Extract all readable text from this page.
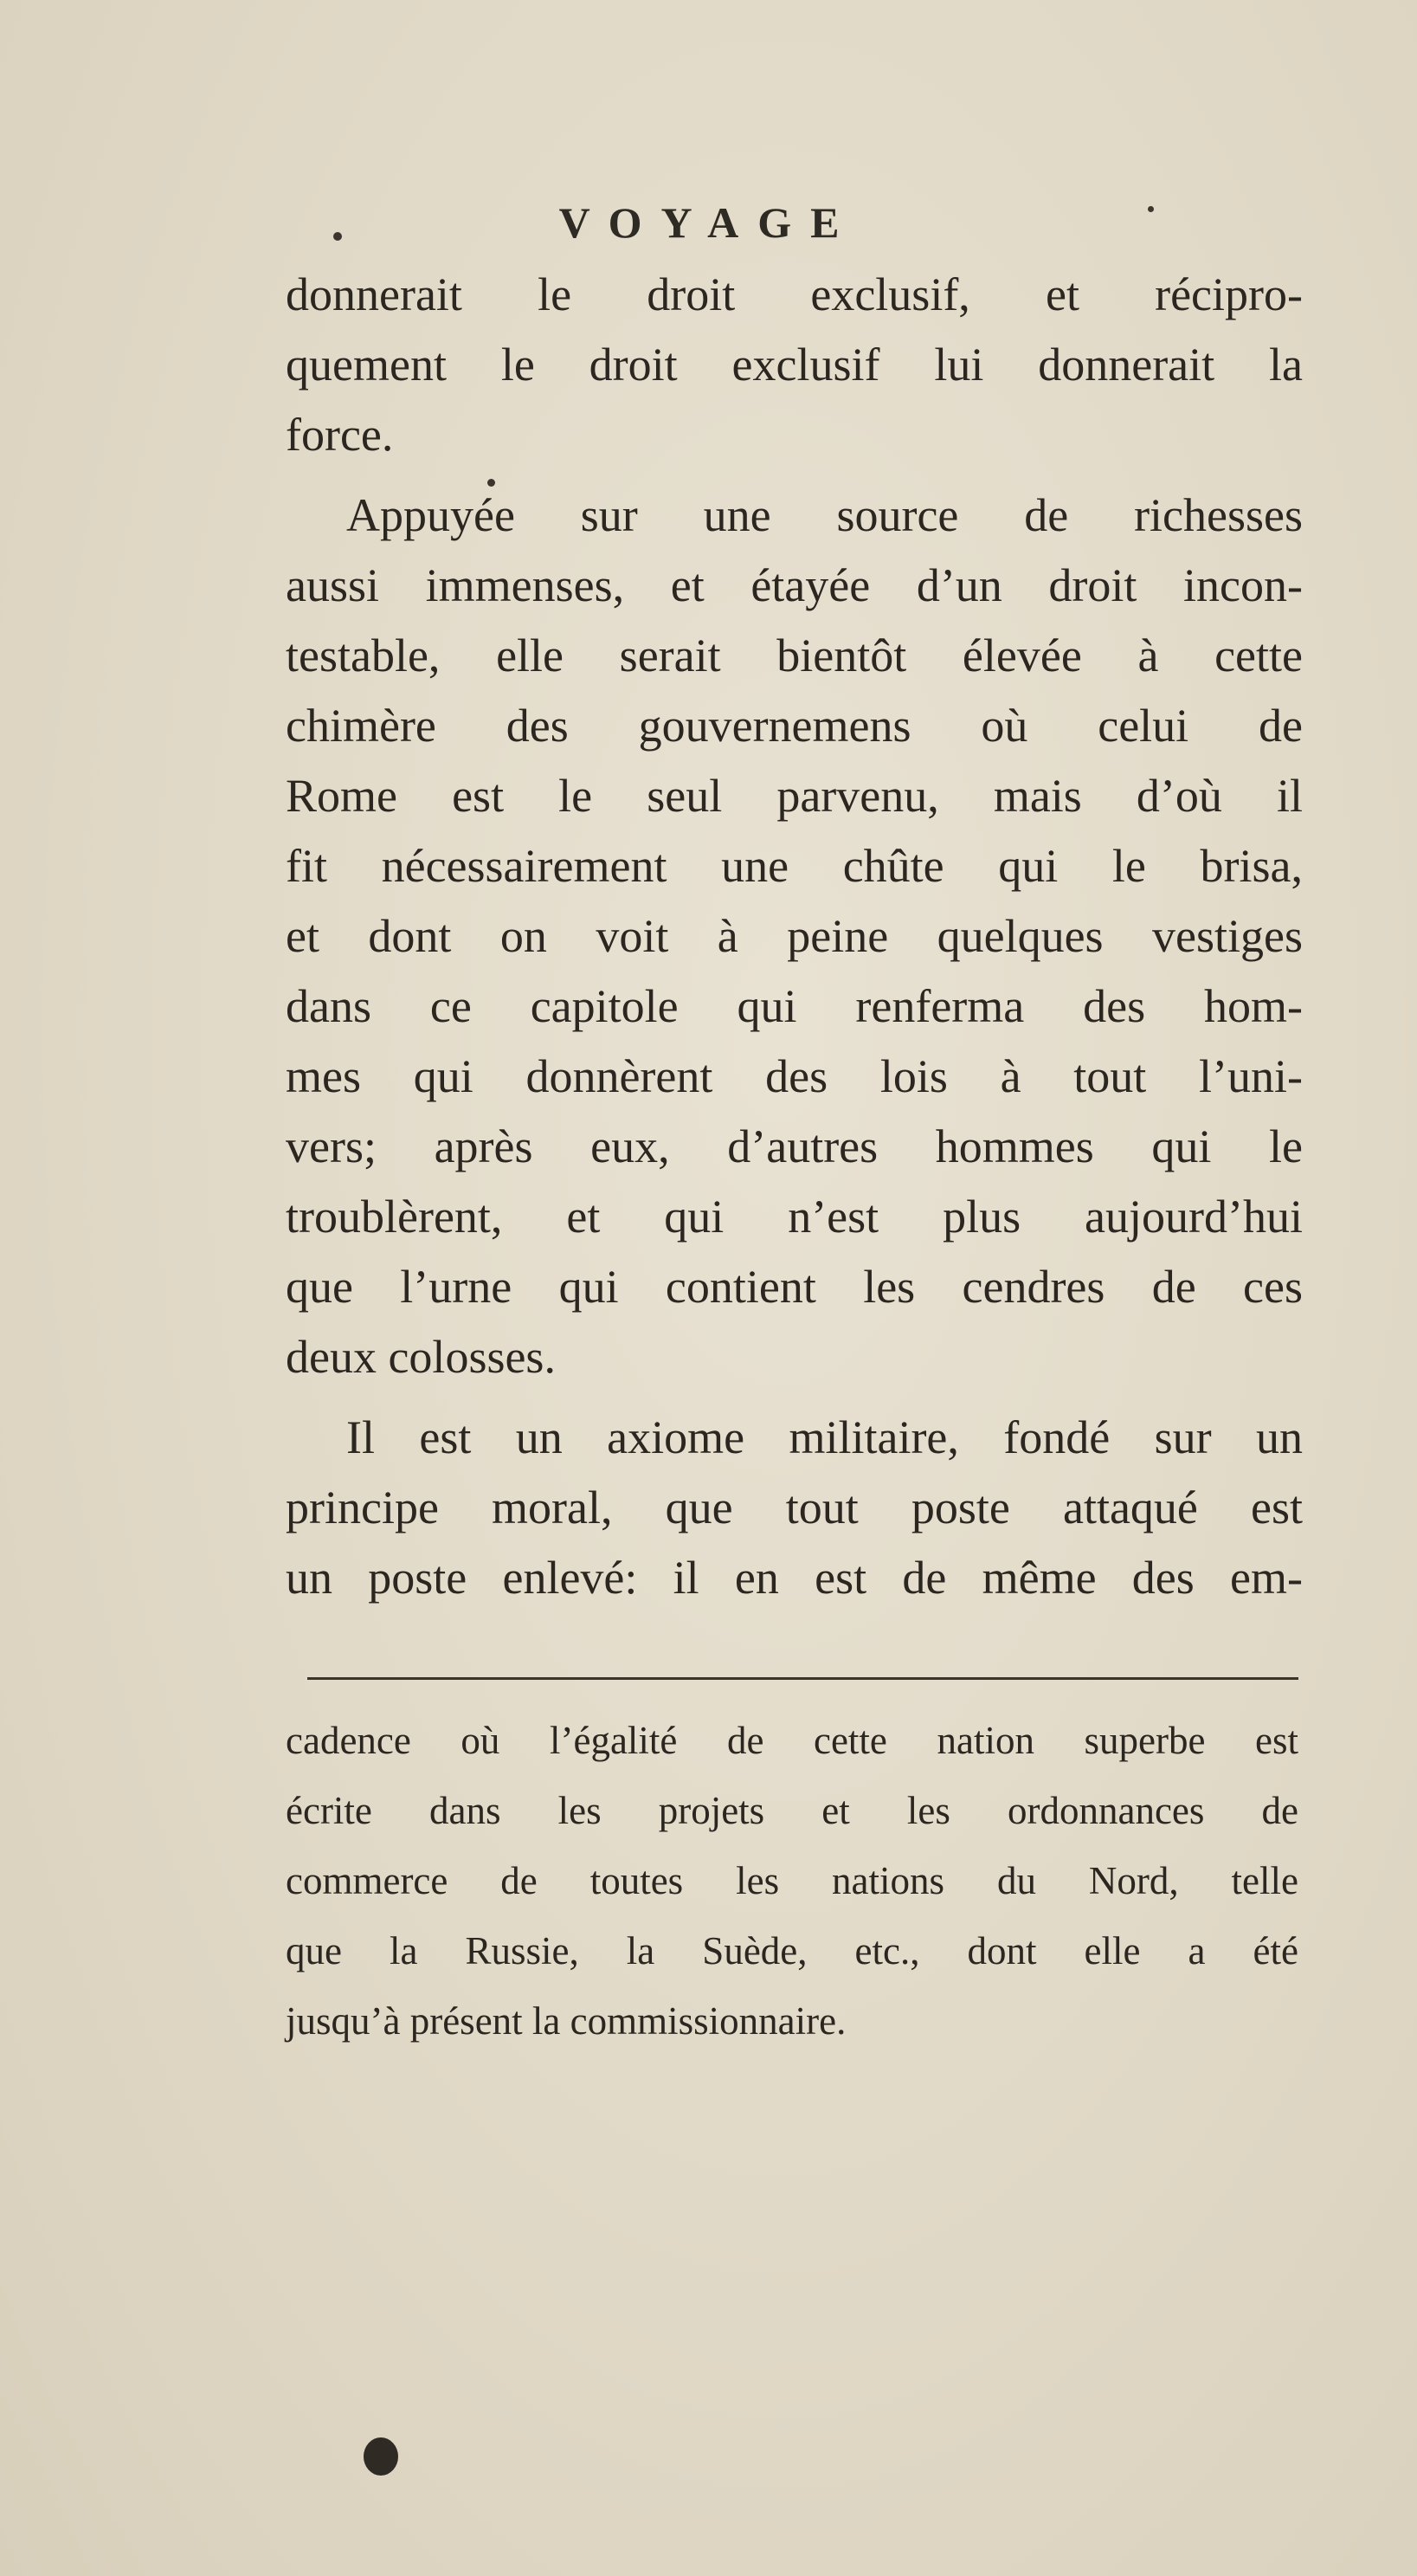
VOYAGE
donnerait le droit exclusif, et récipro-
quement le droit exclusif lui donnerait la
force.
Appuyée sur une source de richesses
aussi immenses, et étayée d’un droit incon-
testable, elle serait bientôt élevée à cette
chimère des gouvernemens où celui de
Rome est le seul parvenu, mais d’où il
fit nécessairement une chûte qui le brisa,
et dont on voit à peine quelques vestiges
dans ce capitole qui renferma des hom-
mes qui donnèrent des lois à tout l’uni-
vers; après eux, d’autres hommes qui le
troublèrent, et qui n’est plus aujourd’hui
que l’urne qui contient les cendres de ces
deux colosses.
Il est un axiome militaire, fondé sur un
principe moral, que tout poste attaqué est
un poste enlevé: il en est de même des em-
cadence où l’égalité de cette nation superbe est
écrite dans les projets et les ordonnances de
commerce de toutes les nations du Nord, telle
que la Russie, la Suède, etc., dont elle a été
jusqu’à présent la commissionnaire.
